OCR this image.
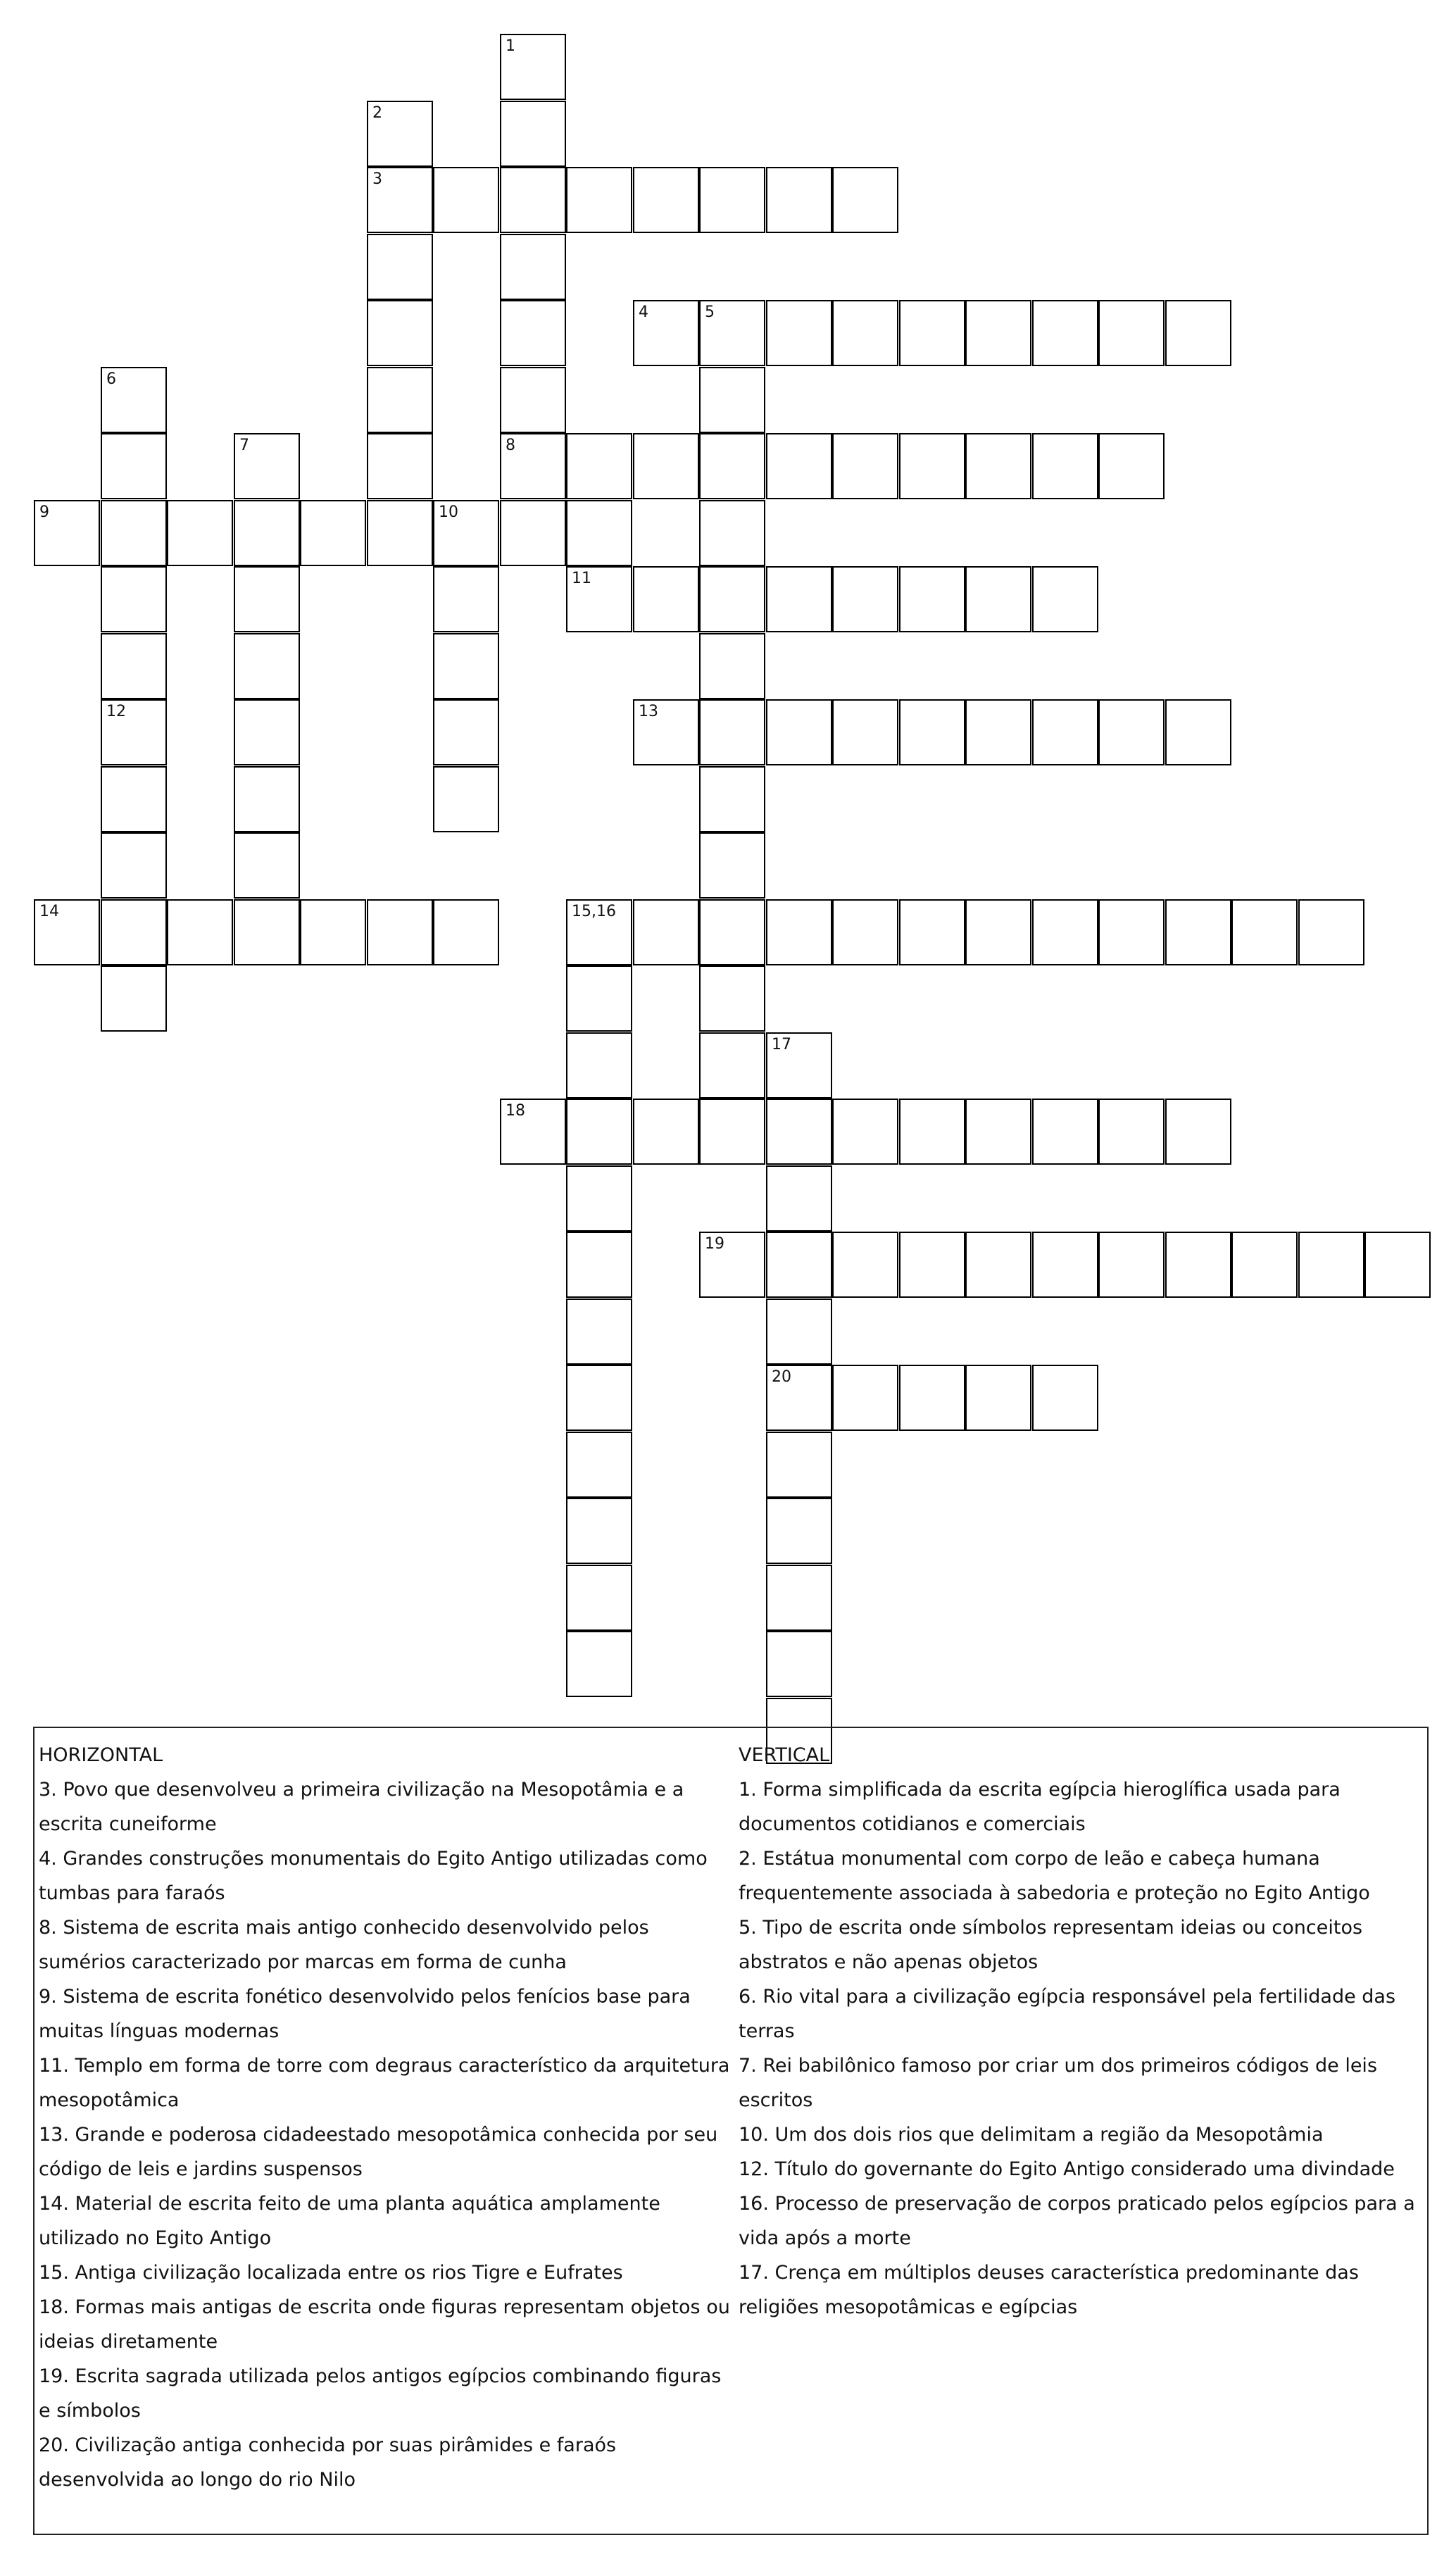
1
8
2
3
4	5
6
7
9	10
11
12	13
14	15,16
18
17
20
19
HORIZONTAL
3. Povo que desenvolveu a primeira civilização na Mesopotâmia e a escrita cuneiforme
4. Grandes construções monumentais do Egito Antigo utilizadas como tumbas para faraós
8. Sistema de escrita mais antigo conhecido desenvolvido pelos sumérios caracterizado por marcas em forma de cunha
9. Sistema de escrita fonético desenvolvido pelos fenícios base para muitas línguas modernas
11. Templo em forma de torre com degraus característico da arquitetura mesopotâmica
13. Grande e poderosa cidadeestado mesopotâmica conhecida por seu código de leis e jardins suspensos
14. Material de escrita feito de uma planta aquática amplamente utilizado no Egito Antigo
15. Antiga civilização localizada entre os rios Tigre e Eufrates
18. Formas mais antigas de escrita onde figuras representam objetos ou ideias diretamente
19. Escrita sagrada utilizada pelos antigos egípcios combinando figuras e símbolos
20. Civilização antiga conhecida por suas pirâmides e faraós desenvolvida ao longo do rio Nilo
VERTICAL
1. Forma simplificada da escrita egípcia hieroglífica usada para documentos cotidianos e comerciais
2. Estátua monumental com corpo de leão e cabeça humana frequentemente associada à sabedoria e proteção no Egito Antigo
5. Tipo de escrita onde símbolos representam ideias ou conceitos abstratos e não apenas objetos
6. Rio vital para a civilização egípcia responsável pela fertilidade das terras
7. Rei babilônico famoso por criar um dos primeiros códigos de leis escritos
10. Um dos dois rios que delimitam a região da Mesopotâmia
12. Título do governante do Egito Antigo considerado uma divindade
16. Processo de preservação de corpos praticado pelos egípcios para a vida após a morte
17. Crença em múltiplos deuses característica predominante das religiões mesopotâmicas e egípcias
